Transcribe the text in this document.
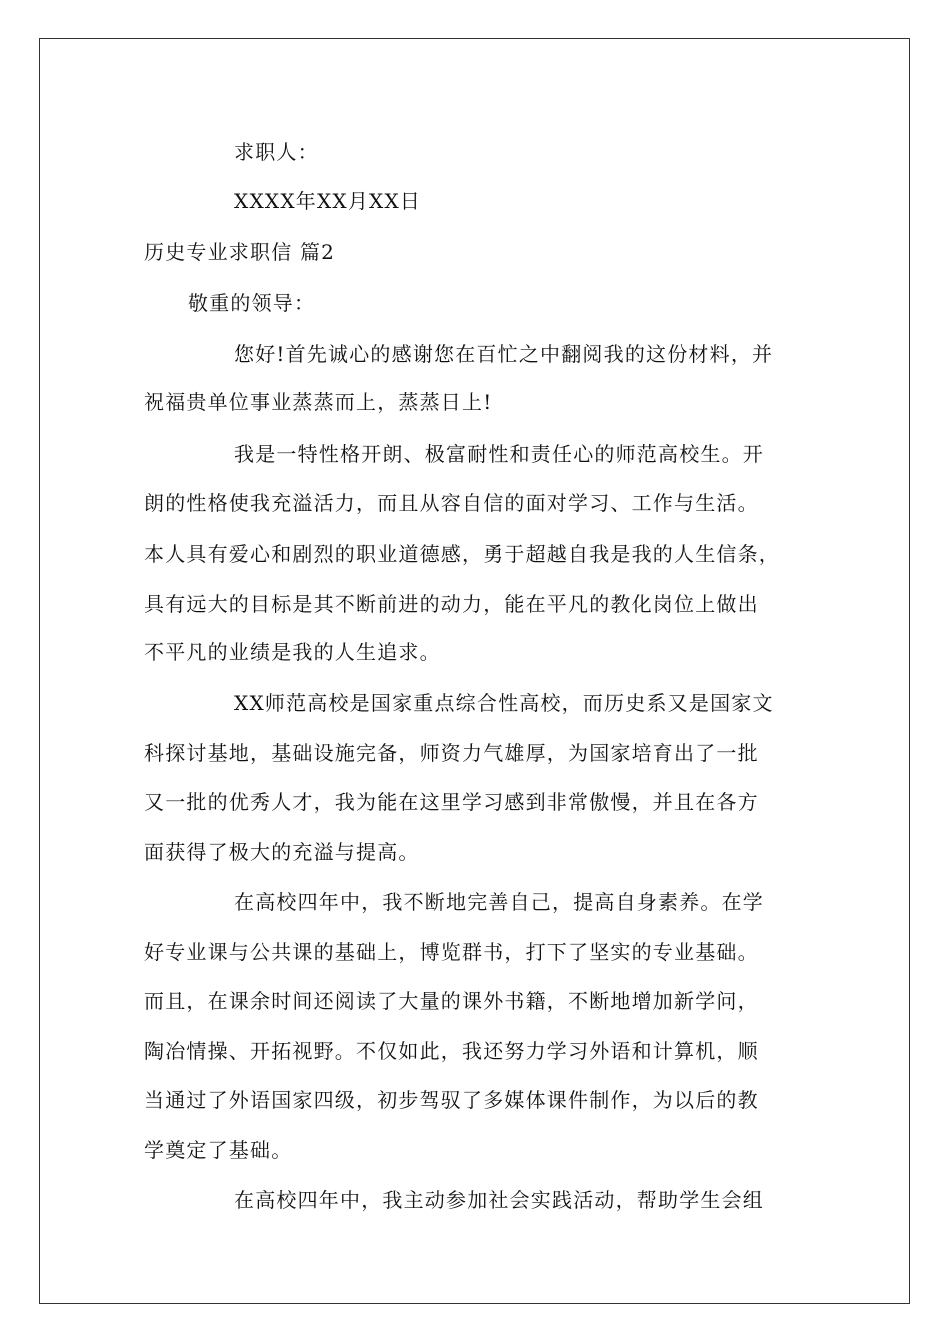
求职人：
XXXX年XX月XX日
历史专业求职信 篇2
敬重的领导：
您好!首先诚心的感谢您在百忙之中翻阅我的这份材料，并
祝福贵单位事业蒸蒸而上，蒸蒸日上!
我是一特性格开朗、极富耐性和责任心的师范高校生。开
朗的性格使我充溢活力，而且从容自信的面对学习、工作与生活。
本人具有爱心和剧烈的职业道德感，勇于超越自我是我的人生信条，
具有远大的目标是其不断前进的动力，能在平凡的教化岗位上做出
不平凡的业绩是我的人生追求。
XX师范高校是国家重点综合性高校，而历史系又是国家文
科探讨基地，基础设施完备，师资力气雄厚，为国家培育出了一批
又一批的优秀人才，我为能在这里学习感到非常傲慢，并且在各方
面获得了极大的充溢与提高。
在高校四年中，我不断地完善自己，提高自身素养。在学
好专业课与公共课的基础上，博览群书，打下了坚实的专业基础。
而且，在课余时间还阅读了大量的课外书籍，不断地增加新学问，
陶冶情操、开拓视野。不仅如此，我还努力学习外语和计算机，顺
当通过了外语国家四级，初步驾驭了多媒体课件制作，为以后的教
学奠定了基础。
在高校四年中，我主动参加社会实践活动，帮助学生会组
